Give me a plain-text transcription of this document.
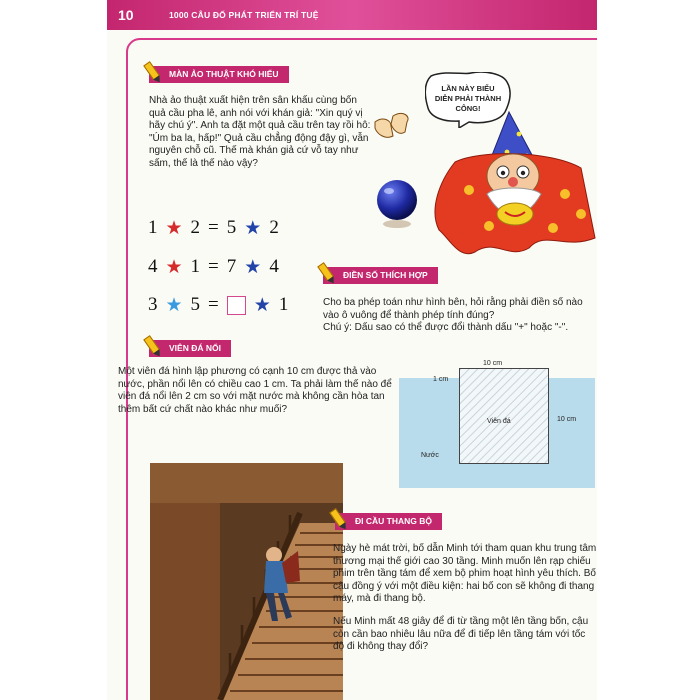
10	1000 CÂU ĐỐ PHÁT TRIỂN TRÍ TUỆ
MÀN ẢO THUẬT KHÓ HIỂU
Nhà ảo thuật xuất hiện trên sân khấu cùng bốn quả cầu pha lê, anh nói với khán giả: "Xin quý vị hãy chú ý". Anh ta đặt một quả cầu trên tay rồi hô: "Úm ba la, hấp!" Quả cầu chẳng động đậy gì, vẫn nguyên chỗ cũ. Thế mà khán giả cứ vỗ tay như sấm, thế là thế nào vậy?
LẦN NÀY BIỂU DIỄN PHẢI THÀNH CÔNG!
1 ★ 2 = 5 ★ 2
4 ★ 1 = 7 ★ 4
3 ★ 5 = ★ 1
ĐIỀN SỐ THÍCH HỢP
Cho ba phép toán như hình bên, hỏi rằng phải điền số nào vào ô vuông để thành phép tính đúng?
Chú ý: Dấu sao có thể được đổi thành dấu "+" hoặc "-".
VIÊN ĐÁ NỔI
Một viên đá hình lập phương có cạnh 10 cm được thả vào nước, phần nổi lên có chiều cao 1 cm. Ta phải làm thế nào để viên đá nổi lên 2 cm so với mặt nước mà không cần hòa tan thêm bất cứ chất nào khác như muối?
10 cm
1 cm
10 cm
Viên đá
Nước
ĐI CẦU THANG BỘ
Ngày hè mát trời, bố dẫn Minh tới tham quan khu trung tâm thương mại thế giới cao 30 tầng. Minh muốn lên rạp chiếu phim trên tầng tám để xem bộ phim hoạt hình yêu thích. Bố cậu đồng ý với một điều kiện: hai bố con sẽ không đi thang máy, mà đi thang bộ.
Nếu Minh mất 48 giây để đi từ tầng một lên tầng bốn, cậu còn cần bao nhiêu lâu nữa để đi tiếp lên tầng tám với tốc độ đi không thay đổi?
